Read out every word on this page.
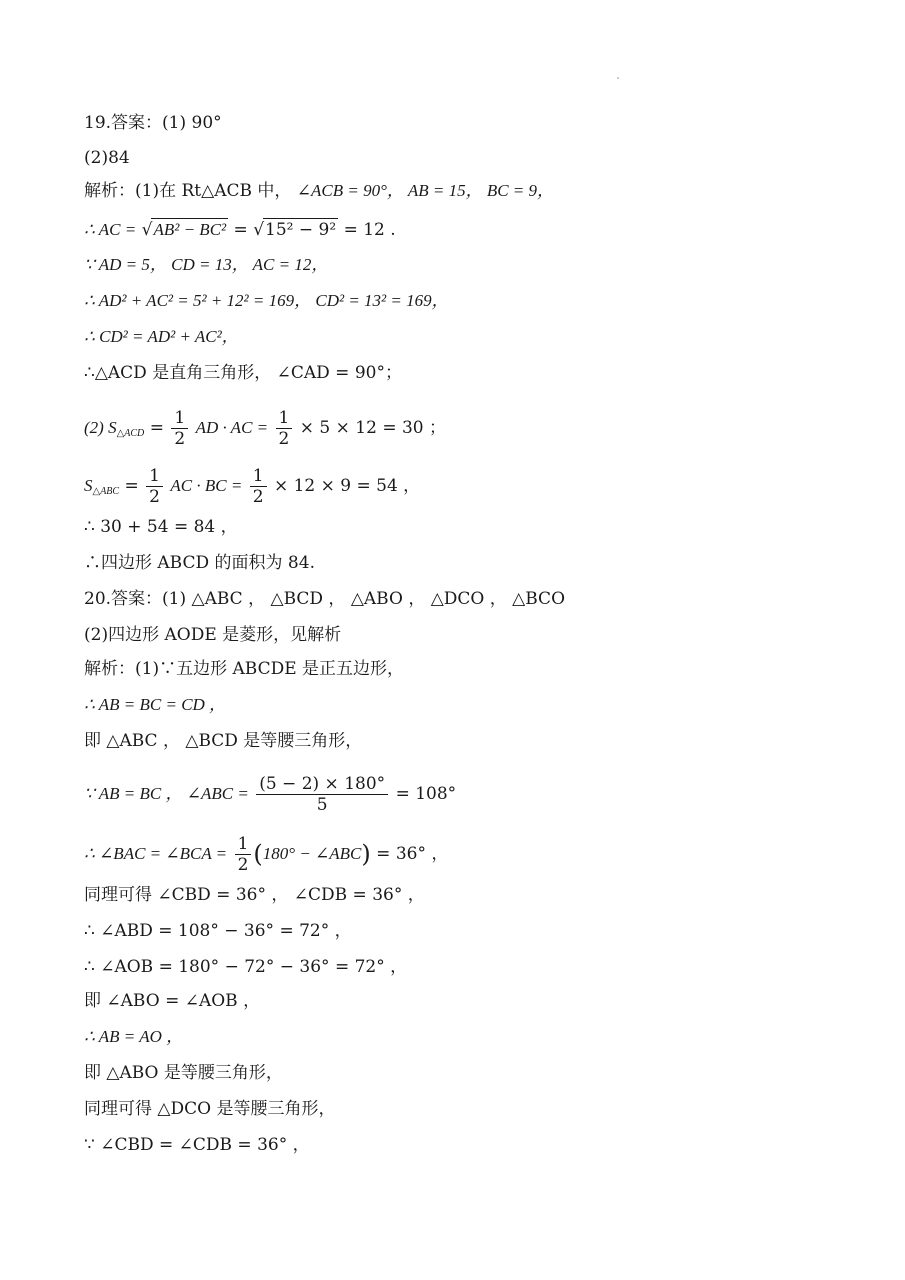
19.答案：(1) 90°
(2)84
解析：(1)在 Rt△ACB 中， ∠ACB = 90°， AB = 15， BC = 9，
∴ AC = √AB² − BC² = √15² − 9² = 12 .
∵ AD = 5， CD = 13， AC = 12，
∴ AD² + AC² = 5² + 12² = 169， CD² = 13² = 169，
∴ CD² = AD² + AC²，
∴△ACD 是直角三角形， ∠CAD = 90°；
(2) $S_{\triangle ACD} = \frac{1}{2}$ AD · AC = $\frac{1}{2} \times 5 \times 12 = 30$ ；
$S_{\triangle ABC} = \frac{1}{2}$ AC · BC = $\frac{1}{2} \times 12 \times 9 = 54$ ，
∴ 30 + 54 = 84 ，
∴四边形 ABCD 的面积为 84.
20.答案：(1) △ABC ， △BCD ， △ABO ， △DCO ， △BCO
(2)四边形 AODE 是菱形，见解析
解析：(1)∵五边形 ABCDE 是正五边形，
∴ AB = BC = CD ，
即 △ABC ， △BCD 是等腰三角形，
∵ AB = BC ， ∠ABC = $\frac{(5 - 2) \times 180^\circ}{5} = 108^\circ$
∴ ∠BAC = ∠BCA = $\frac{1}{2} (180^\circ$ − ∠ABC) = 36° ，
同理可得 ∠CBD = 36° ， ∠CDB = 36° ，
∴ ∠ABD = 108° − 36° = 72° ，
∴ ∠AOB = 180° − 72° − 36° = 72° ，
即 ∠ABO = ∠AOB ，
∴ AB = AO ，
即 △ABO 是等腰三角形，
同理可得 △DCO 是等腰三角形，
∵ ∠CBD = ∠CDB = 36° ，
